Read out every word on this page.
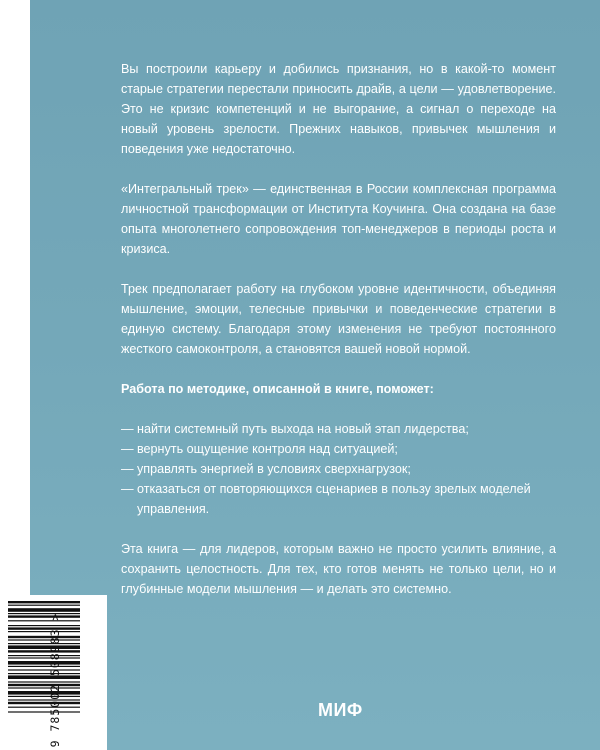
Вы построили карьеру и добились признания, но в какой-то момент старые стратегии перестали приносить драйв, а цели — удовлетворение. Это не кризис компетенций и не выгорание, а сигнал о переходе на новый уровень зрелости. Прежних навыков, привычек мышления и поведения уже недостаточно.

«Интегральный трек» — единственная в России комплексная программа личностной трансформации от Института Коучинга. Она создана на базе опыта многолетнего сопровождения топ-менеджеров в периоды роста и кризиса.

Трек предполагает работу на глубоком уровне идентичности, объединяя мышление, эмоции, телесные привычки и поведенческие стратегии в единую систему. Благодаря этому изменения не требуют постоянного жесткого самоконтроля, а становятся вашей новой нормой.

Работа по методике, описанной в книге, поможет:

— найти системный путь выхода на новый этап лидерства;
— вернуть ощущение контроля над ситуацией;
— управлять энергией в условиях сверхнагрузок;
— отказаться от повторяющихся сценариев в пользу зрелых моделей управления.

Эта книга — для лидеров, которым важно не просто усилить влияние, а сохранить целостность. Для тех, кто готов менять не только цели, но и глубинные модели мышления — и делать это системно.

МИФ
9 785002 508983 >
